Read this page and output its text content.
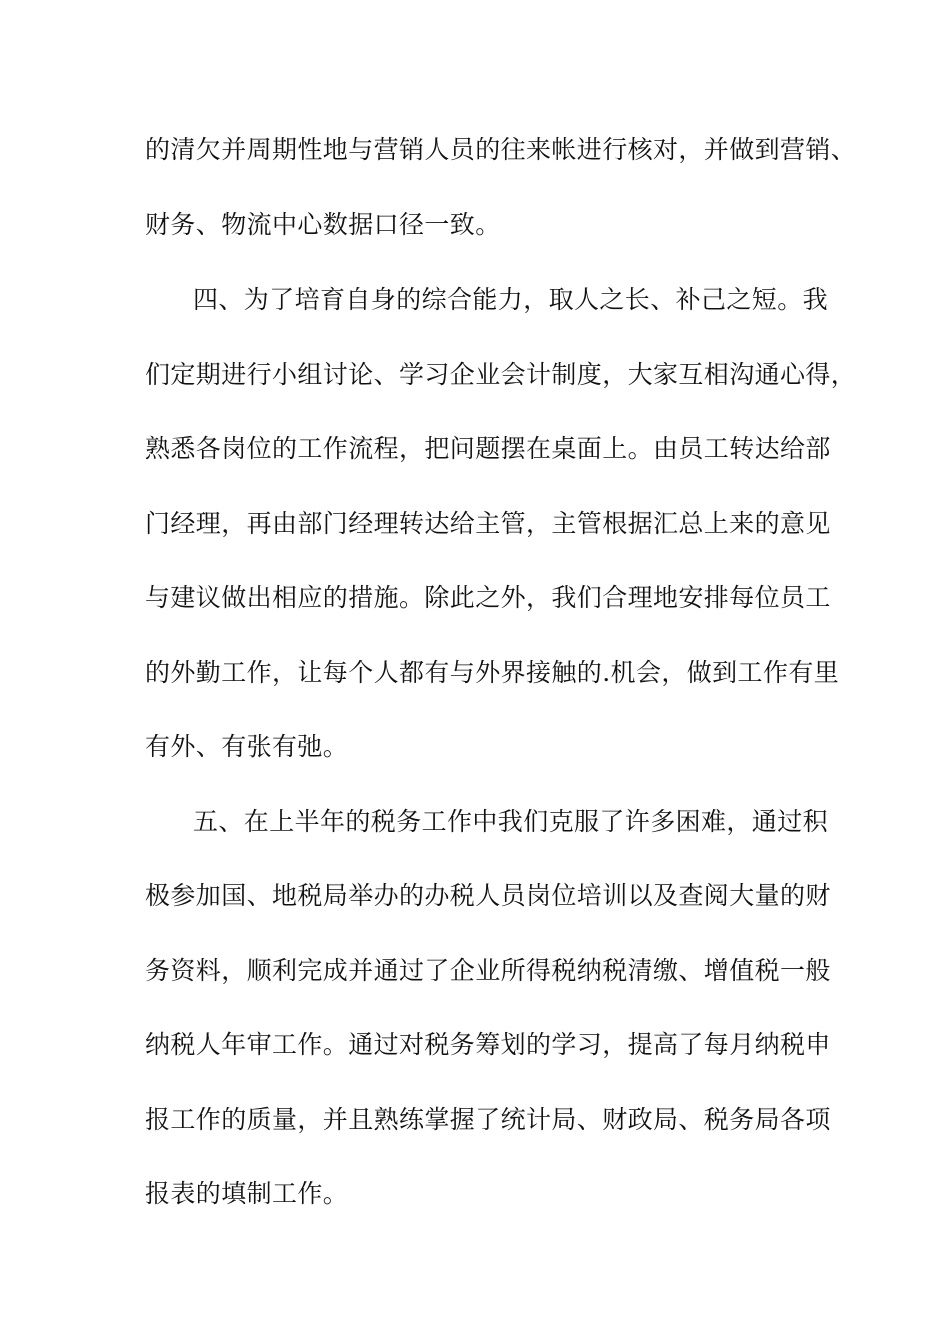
的清欠并周期性地与营销人员的往来帐进行核对，并做到营销、
财务、物流中心数据口径一致。
四、为了培育自身的综合能力，取人之长、补己之短。我
们定期进行小组讨论、学习企业会计制度，大家互相沟通心得，
熟悉各岗位的工作流程，把问题摆在桌面上。由员工转达给部
门经理，再由部门经理转达给主管，主管根据汇总上来的意见
与建议做出相应的措施。除此之外，我们合理地安排每位员工
的外勤工作，让每个人都有与外界接触的.机会，做到工作有里
有外、有张有弛。
五、在上半年的税务工作中我们克服了许多困难，通过积
极参加国、地税局举办的办税人员岗位培训以及查阅大量的财
务资料，顺利完成并通过了企业所得税纳税清缴、增值税一般
纳税人年审工作。通过对税务筹划的学习，提高了每月纳税申
报工作的质量，并且熟练掌握了统计局、财政局、税务局各项
报表的填制工作。
